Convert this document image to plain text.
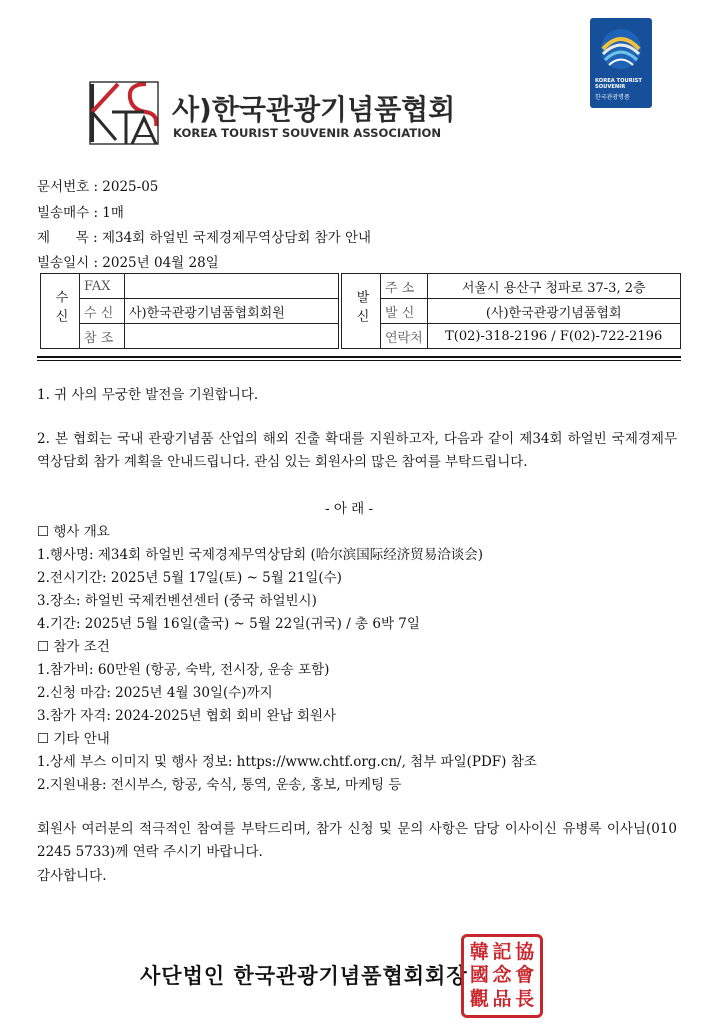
사)한국관광기념품협회
KOREA TOURIST SOUVENIR ASSOCIATION
KOREA TOURIST
SOUVENIR
한국관광명품
문서번호 : 2025-05
빌송매수 : 1매
제      목 : 제34회 하얼빈 국제경제무역상담회 참가 안내
빌송일시 : 2025년 04월 28일
수신	FAX			발신	주 소	서울시 용산구 청파로 37-3, 2층
	수 신	사)한국관광기념품협회회원			발 신	(사)한국관광기념품협회
	참 조				연락처	T(02)-318-2196 / F(02)-722-2196
1. 귀 사의 무궁한 발전을 기원합니다.
2. 본 협회는 국내 관광기념품 산업의 해외 진출 확대를 지원하고자, 다음과 같이 제34회 하얼빈 국제경제무역상담회 참가 계획을 안내드립니다. 관심 있는 회원사의 많은 참여를 부탁드립니다.
- 아 래 -
☐ 행사 개요
1.행사명: 제34회 하얼빈 국제경제무역상담회 (哈尔滨国际经济贸易洽谈会)
2.전시기간: 2025년 5월 17일(토) ~ 5월 21일(수)
3.장소: 하얼빈 국제컨벤션센터 (중국 하얼빈시)
4.기간: 2025년 5월 16일(출국) ~ 5월 22일(귀국) / 총 6박 7일
☐ 참가 조건
1.참가비: 60만원 (항공, 숙박, 전시장, 운송 포함)
2.신청 마감: 2025년 4월 30일(수)까지
3.참가 자격: 2024-2025년 협회 회비 완납 회원사
☐ 기타 안내
1.상세 부스 이미지 및 행사 정보: https://www.chtf.org.cn/, 첨부 파일(PDF) 참조
2.지원내용: 전시부스, 항공, 숙식, 통역, 운송, 홍보, 마케팅 등
회원사 여러분의 적극적인 참여를 부탁드리며, 참가 신청 및 문의 사항은 담당 이사이신 유병록 이사님(010 2245 5733)께 연락 주시기 바랍니다.
감사합니다.
사단법인 한국관광기념품협회회장
韓 記 協
國 念 會
觀 品 長
